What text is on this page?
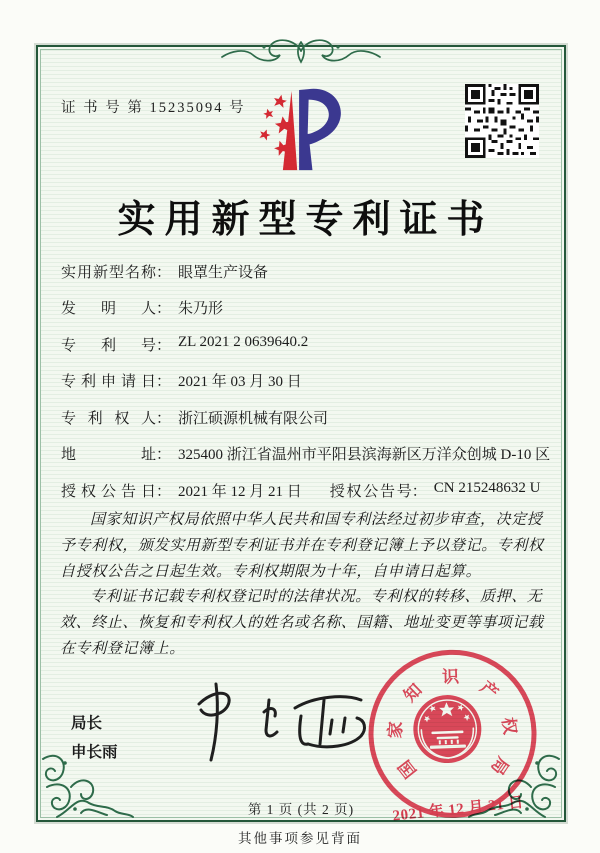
证 书 号 第 15235094 号
实用新型专利证书
实用新型名称 ： 眼罩生产设备
发明人 ： 朱乃形
专利号 ： ZL 2021 2 0639640.2
专利申请日 ： 2021 年 03 月 30 日
专利权人 ： 浙江硕源机械有限公司
地址 ： 325400 浙江省温州市平阳县滨海新区万洋众创城 D-10 区
授权公告日 ： 2021 年 12 月 21 日 授权公告号 ： CN 215248632 U

国家知识产权局依照中华人民共和国专利法经过初步审查，决定授予专利权，颁发实用新型专利证书并在专利登记簿上予以登记。专利权自授权公告之日起生效。专利权期限为十年，自申请日起算。

专利证书记载专利权登记时的法律状况。专利权的转移、质押、无效、终止、恢复和专利权人的姓名或名称、国籍、地址变更等事项记载在专利登记簿上。

局长
申长雨
国
家
知
识
产
权
局
2021 年 12 月 21 日
第 1 页 (共 2 页)
其他事项参见背面
